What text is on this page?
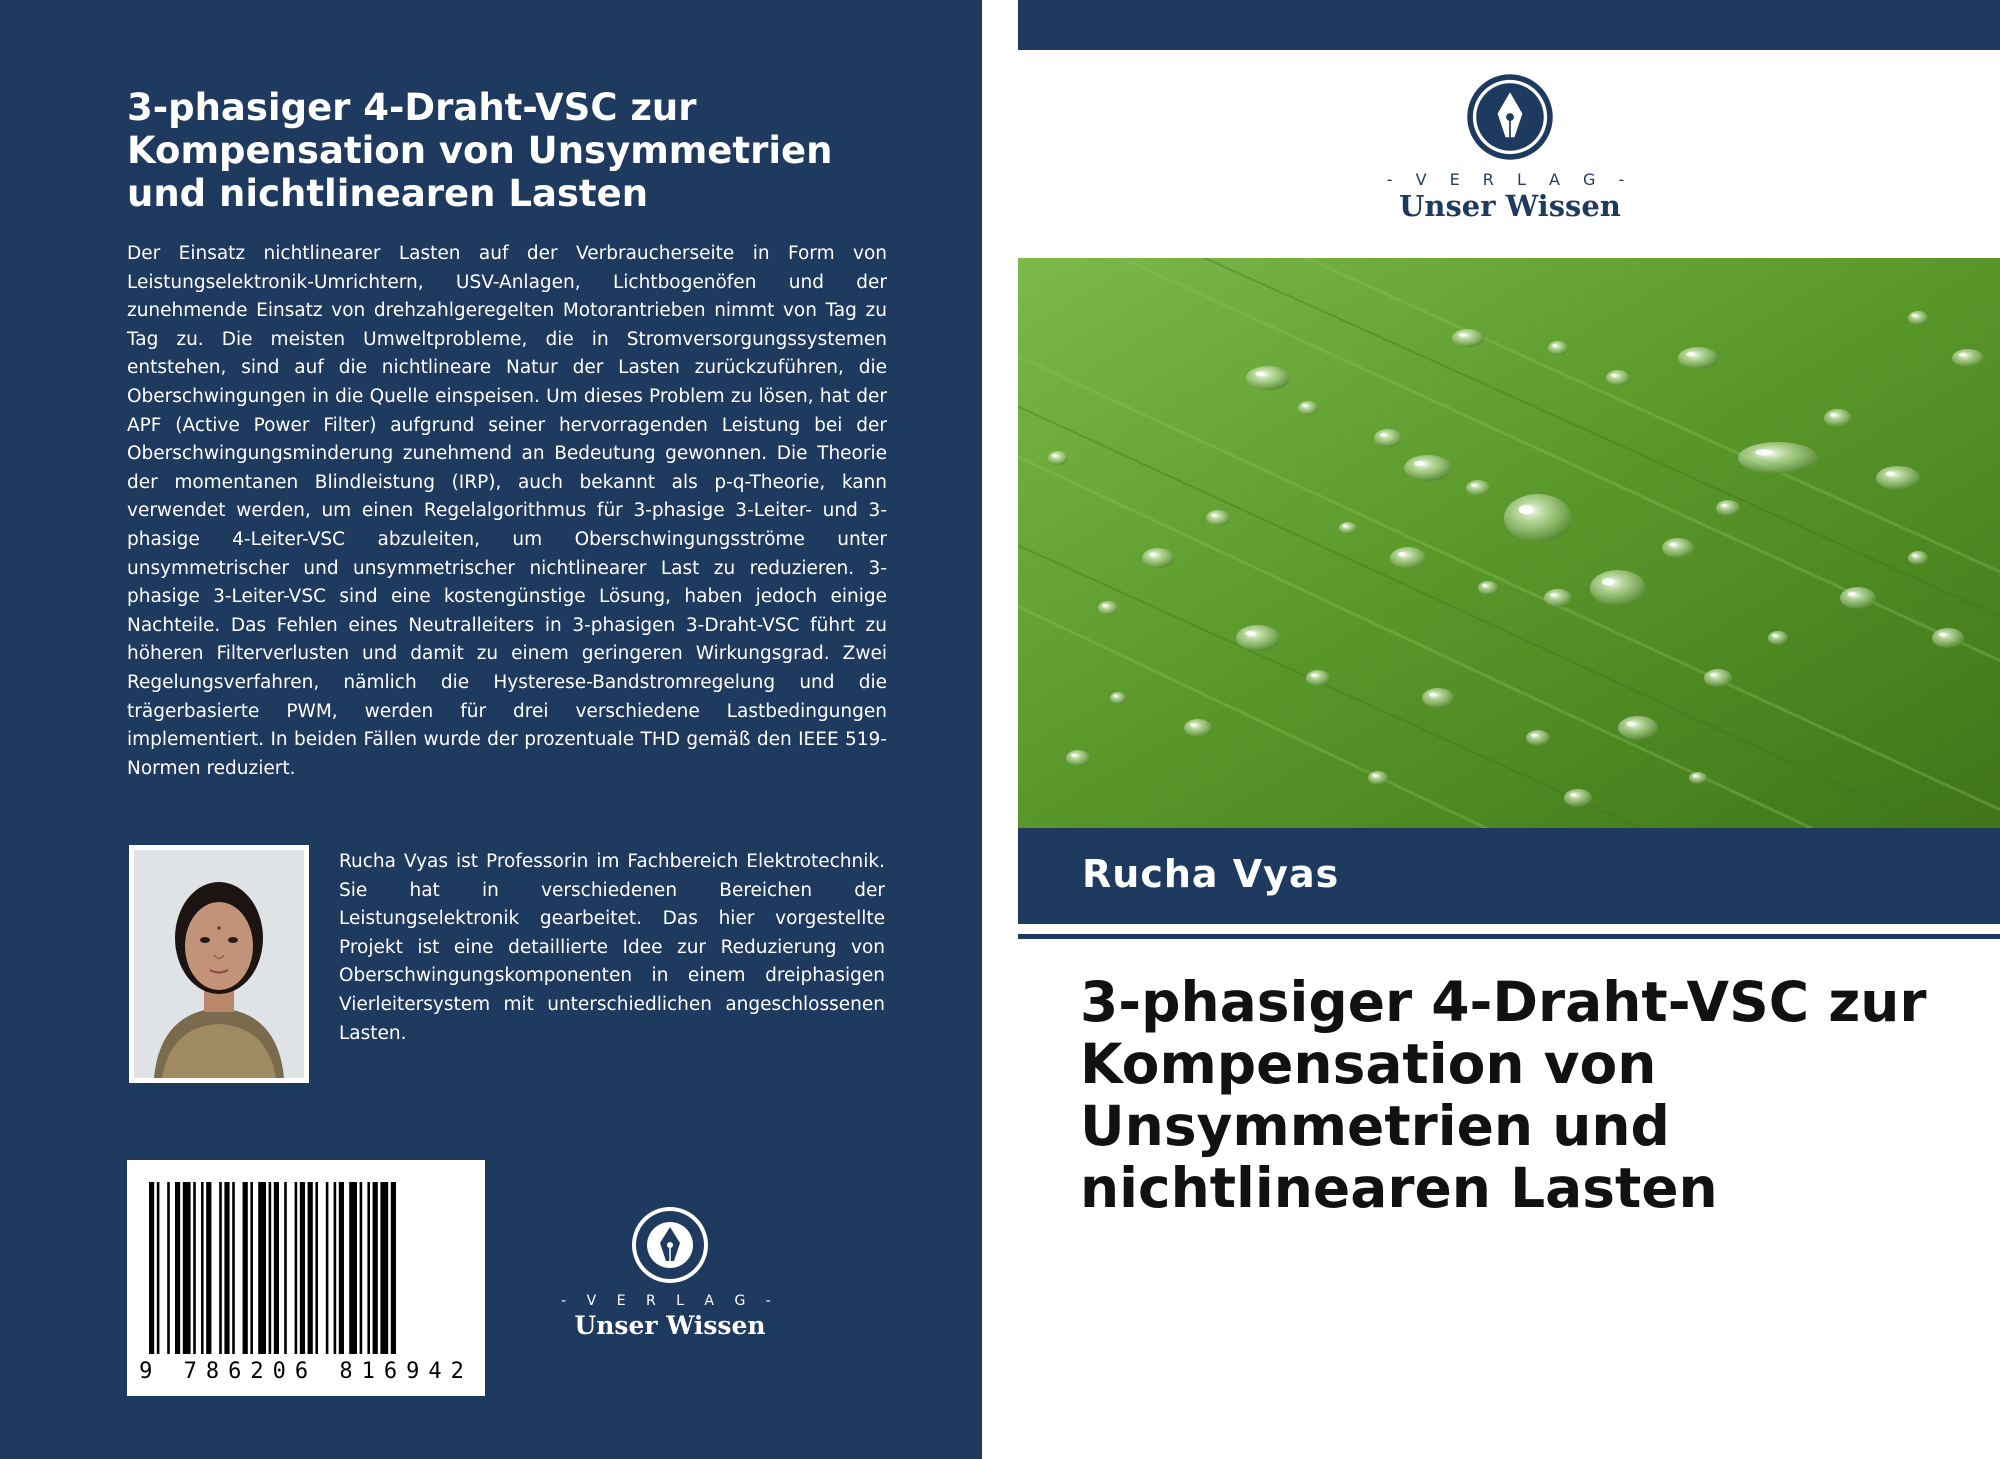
3-phasiger 4-Draht-VSC zur Kompensation von Unsymmetrien und nichtlinearen Lasten

Der Einsatz nichtlinearer Lasten auf der Verbraucherseite in Form von Leistungselektronik-Umrichtern, USV-Anlagen, Lichtbogenöfen und der zunehmende Einsatz von drehzahlgeregelten Motorantrieben nimmt von Tag zu Tag zu. Die meisten Umweltprobleme, die in Stromversorgungssystemen entstehen, sind auf die nichtlineare Natur der Lasten zurückzuführen, die Oberschwingungen in die Quelle einspeisen. Um dieses Problem zu lösen, hat der APF (Active Power Filter) aufgrund seiner hervorragenden Leistung bei der Oberschwingungsminderung zunehmend an Bedeutung gewonnen. Die Theorie der momentanen Blindleistung (IRP), auch bekannt als p-q-Theorie, kann verwendet werden, um einen Regelalgorithmus für 3-phasige 3-Leiter- und 3-phasige 4-Leiter-VSC abzuleiten, um Oberschwingungsströme unter unsymmetrischer und unsymmetrischer nichtlinearer Last zu reduzieren. 3-phasige 3-Leiter-VSC sind eine kostengünstige Lösung, haben jedoch einige Nachteile. Das Fehlen eines Neutralleiters in 3-phasigen 3-Draht-VSC führt zu höheren Filterverlusten und damit zu einem geringeren Wirkungsgrad. Zwei Regelungsverfahren, nämlich die Hysterese-Bandstromregelung und die trägerbasierte PWM, werden für drei verschiedene Lastbedingungen implementiert. In beiden Fällen wurde der prozentuale THD gemäß den IEEE 519-Normen reduziert.

Rucha Vyas ist Professorin im Fachbereich Elektrotechnik. Sie hat in verschiedenen Bereichen der Leistungselektronik gearbeitet. Das hier vorgestellte Projekt ist eine detaillierte Idee zur Reduzierung von Oberschwingungskomponenten in einem dreiphasigen Vierleitersystem mit unterschiedlichen angeschlossenen Lasten.

9 786206 816942
- V E R L A G -
Unser Wissen
- V E R L A G -
Unser Wissen
Rucha Vyas
3-phasiger 4-Draht-VSC zur Kompensation von Unsymmetrien und nichtlinearen Lasten
